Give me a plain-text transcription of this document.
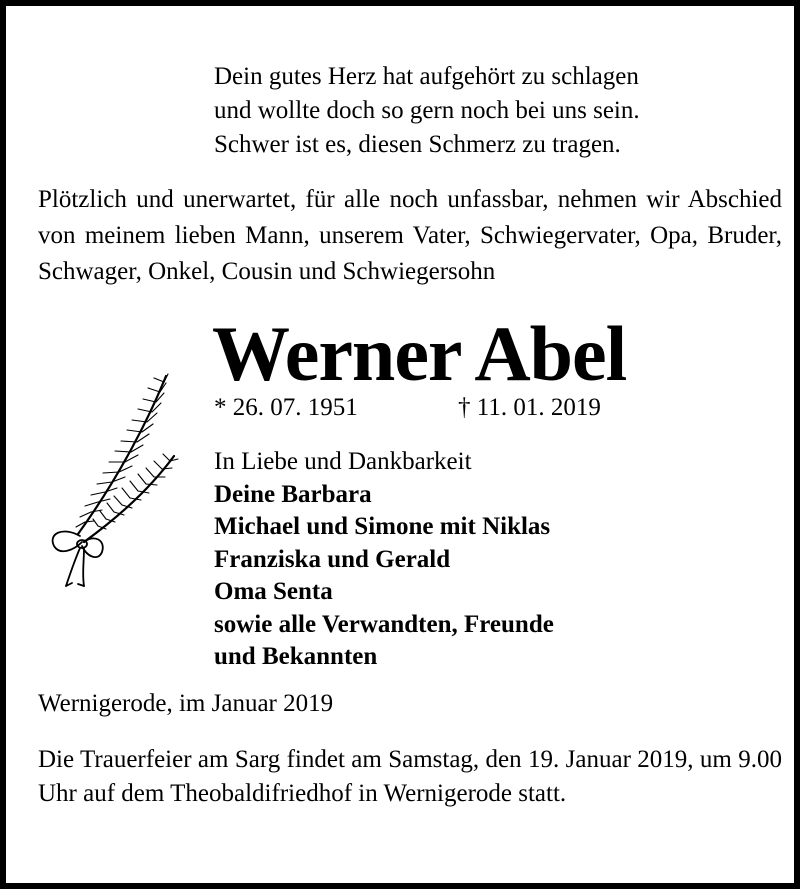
Dein gutes Herz hat aufgehört zu schlagen
und wollte doch so gern noch bei uns sein.
Schwer ist es, diesen Schmerz zu tragen.
Plötzlich und unerwartet, für alle noch unfassbar, nehmen wir Abschied von meinem lieben Mann, unserem Vater, Schwiegervater, Opa, Bruder, Schwager, Onkel, Cousin und Schwiegersohn
Werner Abel
* 26. 07. 1951	† 11. 01. 2019
In Liebe und Dankbarkeit
Deine Barbara
Michael und Simone mit Niklas
Franziska und Gerald
Oma Senta
sowie alle Verwandten, Freunde
und Bekannten
Wernigerode, im Januar 2019
Die Trauerfeier am Sarg findet am Samstag, den 19. Januar 2019, um 9.00 Uhr auf dem Theobaldifriedhof in Wernigerode statt.
